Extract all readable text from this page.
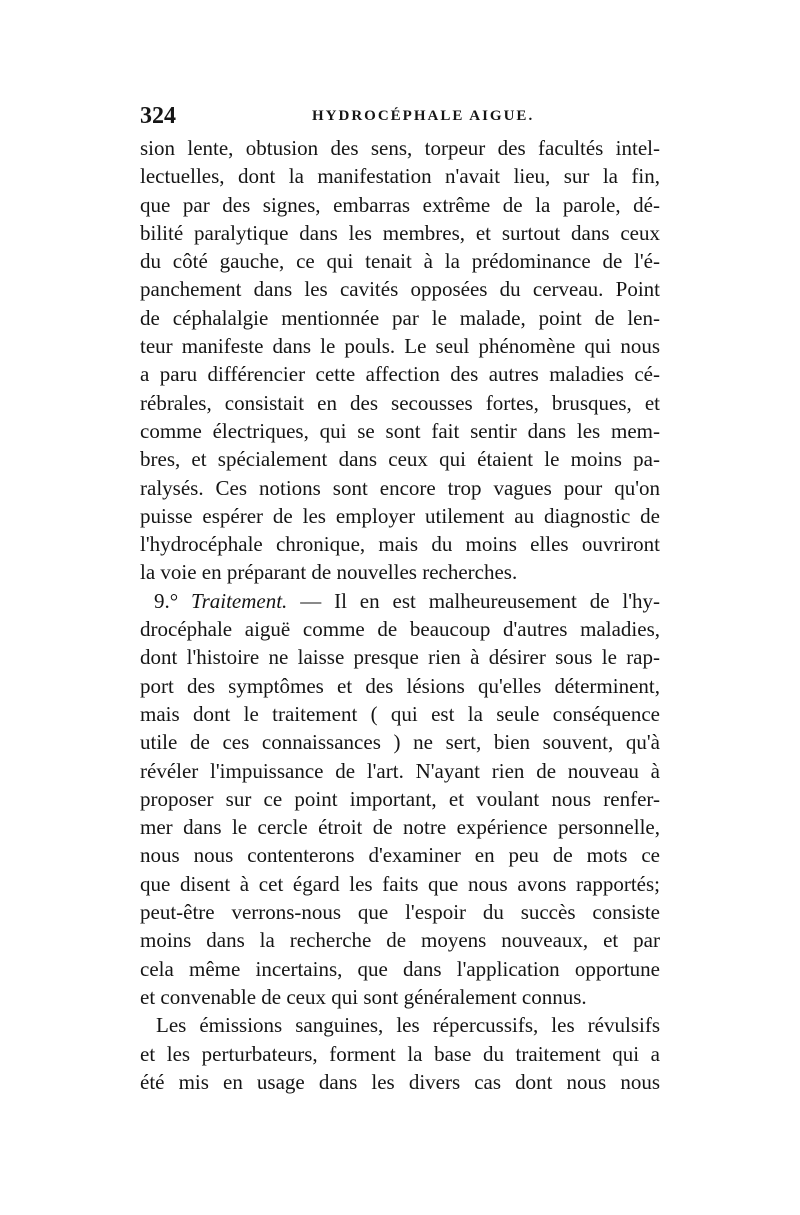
324	HYDROCÉPHALE AIGUE.
sion lente, obtusion des sens, torpeur des facultés intel-
lectuelles, dont la manifestation n'avait lieu, sur la fin,
que par des signes, embarras extrême de la parole, dé-
bilité paralytique dans les membres, et surtout dans ceux
du côté gauche, ce qui tenait à la prédominance de l'é-
panchement dans les cavités opposées du cerveau. Point
de céphalalgie mentionnée par le malade, point de len-
teur manifeste dans le pouls. Le seul phénomène qui nous
a paru différencier cette affection des autres maladies cé-
rébrales, consistait en des secousses fortes, brusques, et
comme électriques, qui se sont fait sentir dans les mem-
bres, et spécialement dans ceux qui étaient le moins pa-
ralysés. Ces notions sont encore trop vagues pour qu'on
puisse espérer de les employer utilement au diagnostic de
l'hydrocéphale chronique, mais du moins elles ouvriront
la voie en préparant de nouvelles recherches.
9.° Traitement. — Il en est malheureusement de l'hy-
drocéphale aiguë comme de beaucoup d'autres maladies,
dont l'histoire ne laisse presque rien à désirer sous le rap-
port des symptômes et des lésions qu'elles déterminent,
mais dont le traitement ( qui est la seule conséquence
utile de ces connaissances ) ne sert, bien souvent, qu'à
révéler l'impuissance de l'art. N'ayant rien de nouveau à
proposer sur ce point important, et voulant nous renfer-
mer dans le cercle étroit de notre expérience personnelle,
nous nous contenterons d'examiner en peu de mots ce
que disent à cet égard les faits que nous avons rapportés;
peut-être verrons-nous que l'espoir du succès consiste
moins dans la recherche de moyens nouveaux, et par
cela même incertains, que dans l'application opportune
et convenable de ceux qui sont généralement connus.
Les émissions sanguines, les répercussifs, les révulsifs
et les perturbateurs, forment la base du traitement qui a
été mis en usage dans les divers cas dont nous nous
